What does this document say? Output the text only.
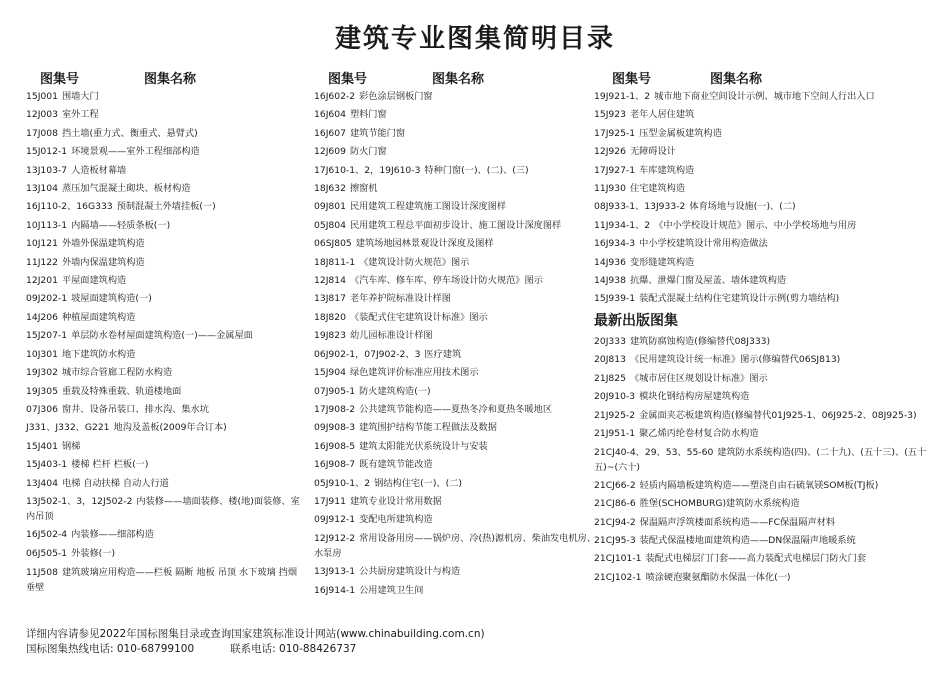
建筑专业图集简明目录
图集号	图集名称
15J001 围墙大门
12J003 室外工程
17J008 挡土墙(重力式、衡重式、悬臂式)
15J012-1 环境景观——室外工程细部构造
13J103-7 人造板材幕墙
13J104 蒸压加气混凝土砌块、板材构造
16J110-2、16G333 预制混凝土外墙挂板(一)
10J113-1 内隔墙——轻质条板(一)
10J121 外墙外保温建筑构造
11J122 外墙内保温建筑构造
12J201 平屋面建筑构造
09J202-1 坡屋面建筑构造(一)
14J206 种植屋面建筑构造
15J207-1 单层防水卷材屋面建筑构造(一)——金属屋面
10J301 地下建筑防水构造
19J302 城市综合管廊工程防水构造
19J305 重载及特殊重载、轨道楼地面
07J306 窗井、设备吊装口、排水沟、集水坑
J331、J332、G221 地沟及盖板(2009年合订本)
15J401 钢梯
15J403-1 楼梯 栏杆 栏板(一)
13J404 电梯 自动扶梯 自动人行道
13J502-1、3，12J502-2 内装修——墙面装修、楼(地)面装修、室内吊顶
16J502-4 内装修——细部构造
06J505-1 外装修(一)
11J508 建筑玻璃应用构造——栏板 隔断 地板 吊顶 水下玻璃 挡烟垂壁
图集号	图集名称
16J602-2 彩色涂层钢板门窗
16J604 塑料门窗
16J607 建筑节能门窗
12J609 防火门窗
17J610-1、2，19J610-3 特种门窗(一)、(二)、(三)
18J632 擦窗机
09J801 民用建筑工程建筑施工图设计深度图样
05J804 民用建筑工程总平面初步设计、施工图设计深度图样
06SJ805 建筑场地园林景观设计深度及图样
18J811-1 《建筑设计防火规范》图示
12J814 《汽车库、修车库、停车场设计防火规范》图示
13J817 老年养护院标准设计样图
18J820 《装配式住宅建筑设计标准》图示
19J823 幼儿园标准设计样图
06J902-1，07J902-2、3 医疗建筑
15J904 绿色建筑评价标准应用技术图示
07J905-1 防火建筑构造(一)
17J908-2 公共建筑节能构造——夏热冬冷和夏热冬暖地区
09J908-3 建筑围护结构节能工程做法及数据
16J908-5 建筑太阳能光伏系统设计与安装
16J908-7 既有建筑节能改造
05J910-1、2 钢结构住宅(一)、(二)
17J911 建筑专业设计常用数据
09J912-1 变配电所建筑构造
12J912-2 常用设备用房——锅炉房、冷(热)源机房、柴油发电机房、水泵房
13J913-1 公共厨房建筑设计与构造
16J914-1 公用建筑卫生间
图集号	图集名称
19J921-1、2 城市地下商业空间设计示例、城市地下空间人行出入口
15J923 老年人居住建筑
17J925-1 压型金属板建筑构造
12J926 无障碍设计
17J927-1 车库建筑构造
11J930 住宅建筑构造
08J933-1、13J933-2 体育场地与设施(一)、(二)
11J934-1、2 《中小学校设计规范》图示、中小学校场地与用房
16J934-3 中小学校建筑设计常用构造做法
14J936 变形缝建筑构造
14J938 抗爆、泄爆门窗及屋盖、墙体建筑构造
15J939-1 装配式混凝土结构住宅建筑设计示例(剪力墙结构)
最新出版图集
20J333 建筑防腐蚀构造(修编替代08J333)
20J813 《民用建筑设计统一标准》图示(修编替代06SJ813)
21J825 《城市居住区规划设计标准》图示
20J910-3 模块化钢结构房屋建筑构造
21J925-2 金属面夹芯板建筑构造(修编替代01J925-1、06J925-2、08J925-3)
21J951-1 聚乙烯丙纶卷材复合防水构造
21CJ40-4、29、53、55-60 建筑防水系统构造(四)、(二十九)、(五十三)、(五十五)~(六十)
21CJ66-2 轻质内隔墙板建筑构造——塑浇自由石硫氧镁SOM板(TJ板)
21CJ86-6 胜堡(SCHOMBURG)建筑防水系统构造
21CJ94-2 保温隔声浮筑楼面系统构造——FC保温隔声材料
21CJ95-3 装配式保温楼地面建筑构造——DN保温隔声地暖系统
21CJ101-1 装配式电梯层门门套——高力装配式电梯层门防火门套
21CJ102-1 喷涂硬泡聚氨酯防水保温一体化(一)
详细内容请参见2022年国标图集目录或查询国家建筑标准设计网站(www.chinabuilding.com.cn)
国标图集热线电话: 010-68799100	联系电话: 010-88426737
